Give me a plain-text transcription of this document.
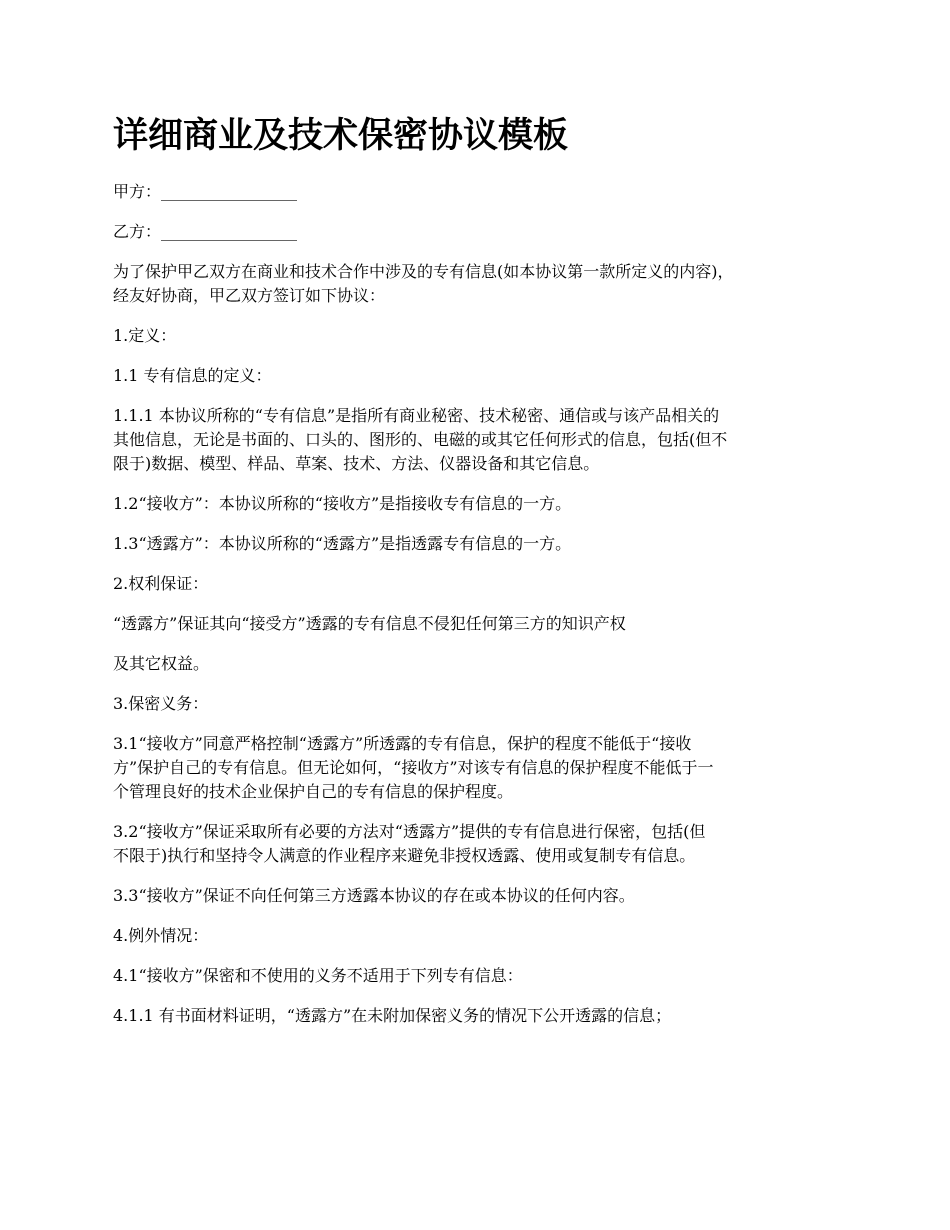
详细商业及技术保密协议模板

甲方：_________________

乙方：_________________

为了保护甲乙双方在商业和技术合作中涉及的专有信息(如本协议第一款所定义的内容)，
经友好协商，甲乙双方签订如下协议：

1.定义：

1.1 专有信息的定义：

1.1.1 本协议所称的“专有信息”是指所有商业秘密、技术秘密、通信或与该产品相关的
其他信息，无论是书面的、口头的、图形的、电磁的或其它任何形式的信息，包括(但不
限于)数据、模型、样品、草案、技术、方法、仪器设备和其它信息。

1.2“接收方”：本协议所称的“接收方”是指接收专有信息的一方。

1.3“透露方”：本协议所称的“透露方”是指透露专有信息的一方。

2.权利保证：

“透露方”保证其向“接受方”透露的专有信息不侵犯任何第三方的知识产权

及其它权益。

3.保密义务：

3.1“接收方”同意严格控制“透露方”所透露的专有信息，保护的程度不能低于“接收
方”保护自己的专有信息。但无论如何，“接收方”对该专有信息的保护程度不能低于一
个管理良好的技术企业保护自己的专有信息的保护程度。

3.2“接收方”保证采取所有必要的方法对“透露方”提供的专有信息进行保密，包括(但
不限于)执行和坚持令人满意的作业程序来避免非授权透露、使用或复制专有信息。

3.3“接收方”保证不向任何第三方透露本协议的存在或本协议的任何内容。

4.例外情况：

4.1“接收方”保密和不使用的义务不适用于下列专有信息：

4.1.1 有书面材料证明，“透露方”在未附加保密义务的情况下公开透露的信息；
